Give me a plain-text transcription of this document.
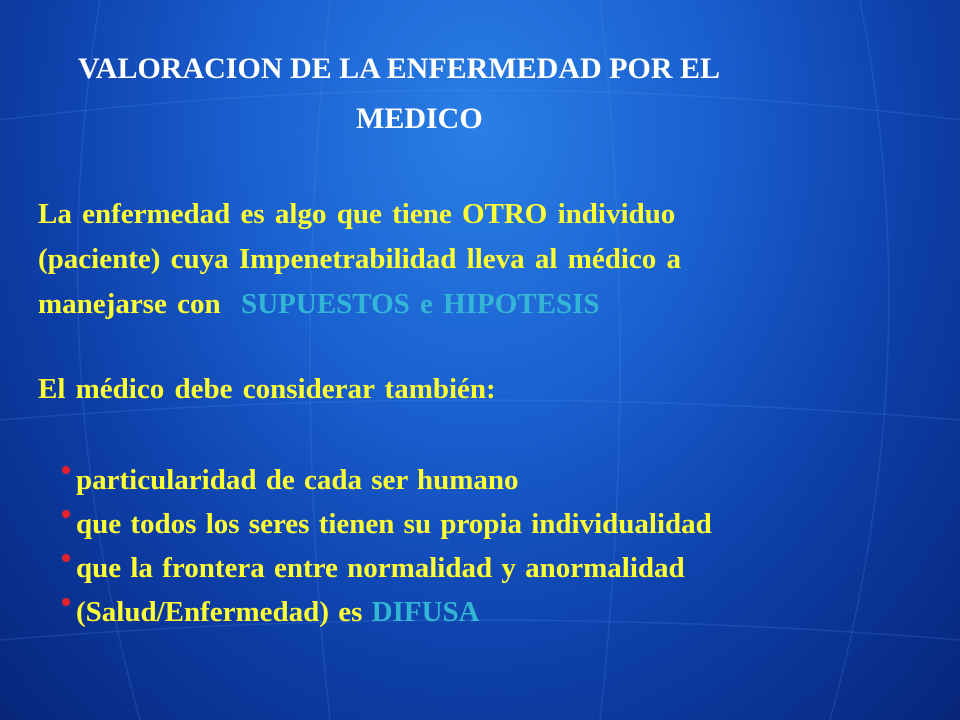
VALORACION DE LA ENFERMEDAD POR EL
MEDICO
La enfermedad es algo que tiene OTRO individuo
(paciente) cuya Impenetrabilidad lleva al médico a
manejarse con  SUPUESTOS e HIPOTESIS
El médico debe considerar también:
particularidad de cada ser humano
que todos los seres tienen su propia individualidad
que la frontera entre normalidad y anormalidad
(Salud/Enfermedad) es DIFUSA
